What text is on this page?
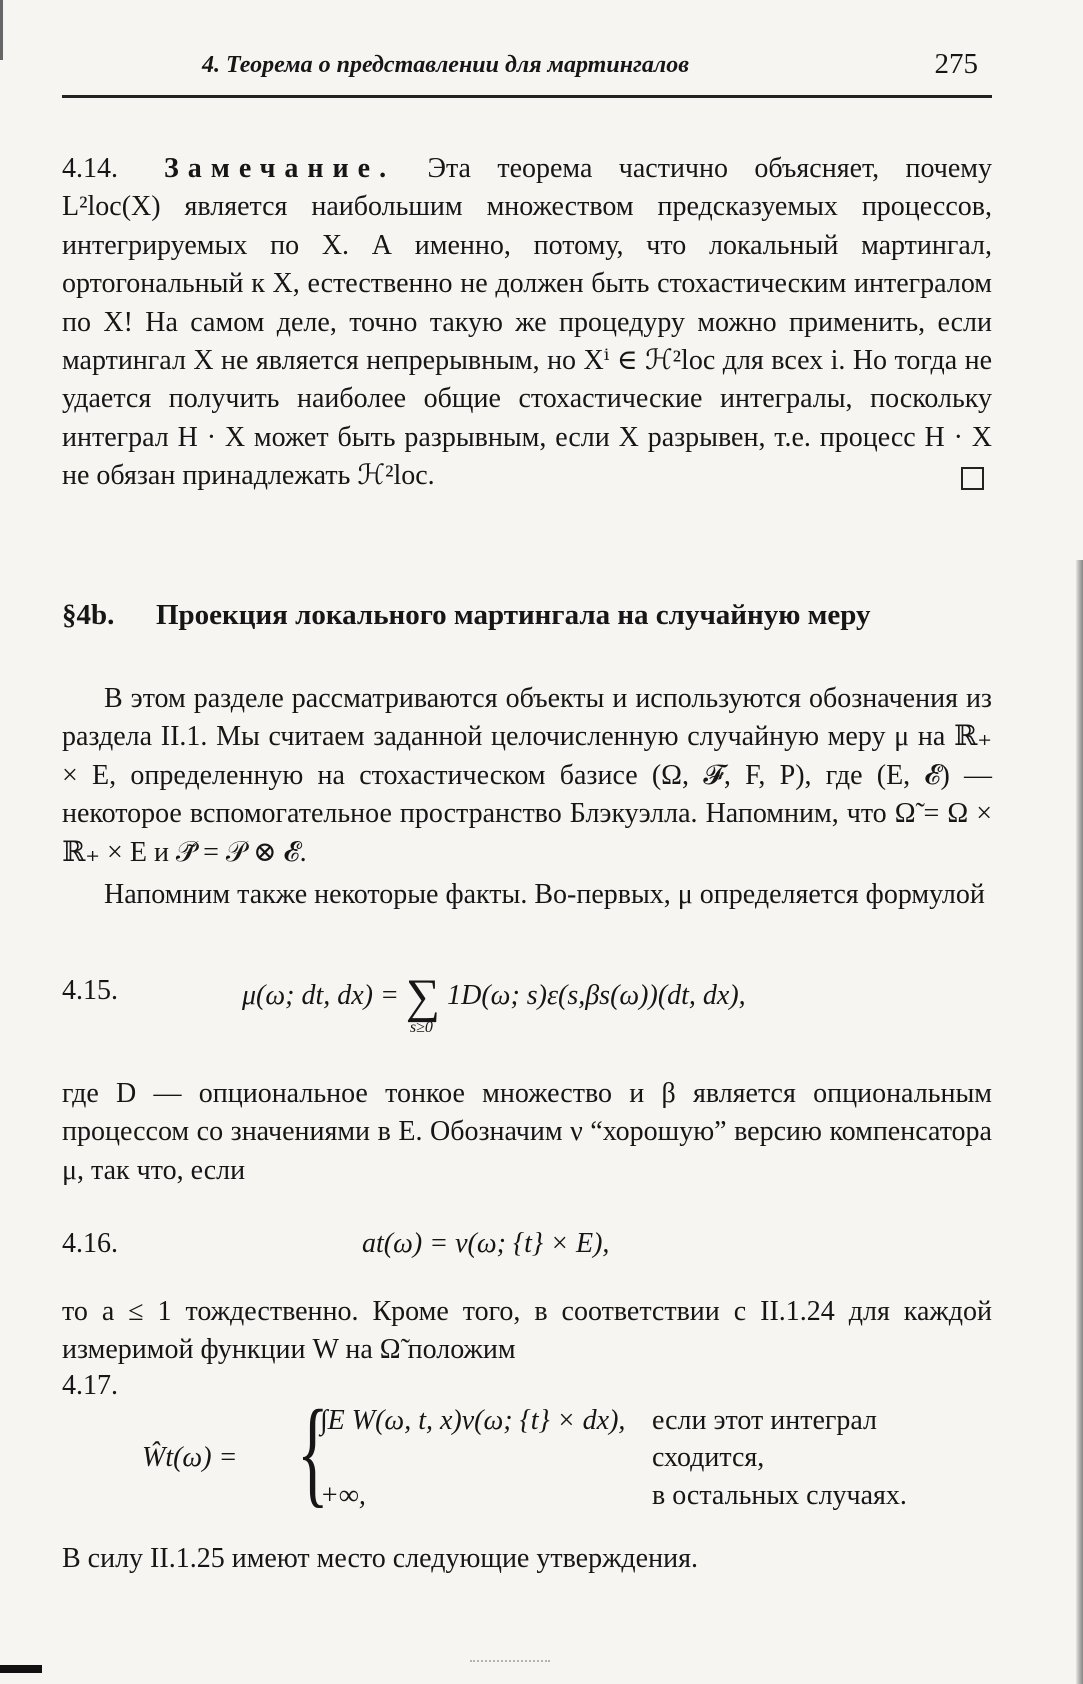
4. Теорема о представлении для мартингалов	275

4.14. Замечание. Эта теорема частично объясняет, почему L²loc(X) является наибольшим множеством предсказуемых процессов, интегрируемых по X. А именно, потому, что локальный мартингал, ортогональный к X, естественно не должен быть стохастическим интегралом по X! На самом деле, точно такую же процедуру можно применить, если мартингал X не является непрерывным, но Xⁱ ∈ ℋ²loc для всех i. Но тогда не удается получить наиболее общие стохастические интегралы, поскольку интеграл H · X может быть разрывным, если X разрывен, т.е. процесс H · X не обязан принадлежать ℋ²loc.

§4b. Проекция локального мартингала на случайную меру

В этом разделе рассматриваются объекты и используются обозначения из раздела II.1. Мы считаем заданной целочисленную случайную меру μ на ℝ₊ × E, определенную на стохастическом базисе (Ω, 𝓕, F, P), где (E, 𝓔) — некоторое вспомогательное пространство Блэкуэлла. Напомним, что Ω̃ = Ω × ℝ₊ × E и 𝒫̃ = 𝒫 ⊗ 𝓔.

Напомним также некоторые факты. Во-первых, μ определяется формулой

4.15.	μ(ω; dt, dx) = ∑
s≥0
1D(ω; s)ε(s,βs(ω))(dt, dx),

где D — опциональное тонкое множество и β является опциональным процессом со значениями в E. Обозначим ν “хорошую” версию компенсатора μ, так что, если

4.16.	at(ω) = ν(ω; {t} × E),

то a ≤ 1 тождественно. Кроме того, в соответствии с II.1.24 для каждой измеримой функции W на Ω̃ положим

4.17.
Ŵt(ω) = {
∫E W(ω, t, x)ν(ω; {t} × dx), если этот интеграл
сходится,
+∞,	в остальных случаях.

В силу II.1.25 имеют место следующие утверждения.
